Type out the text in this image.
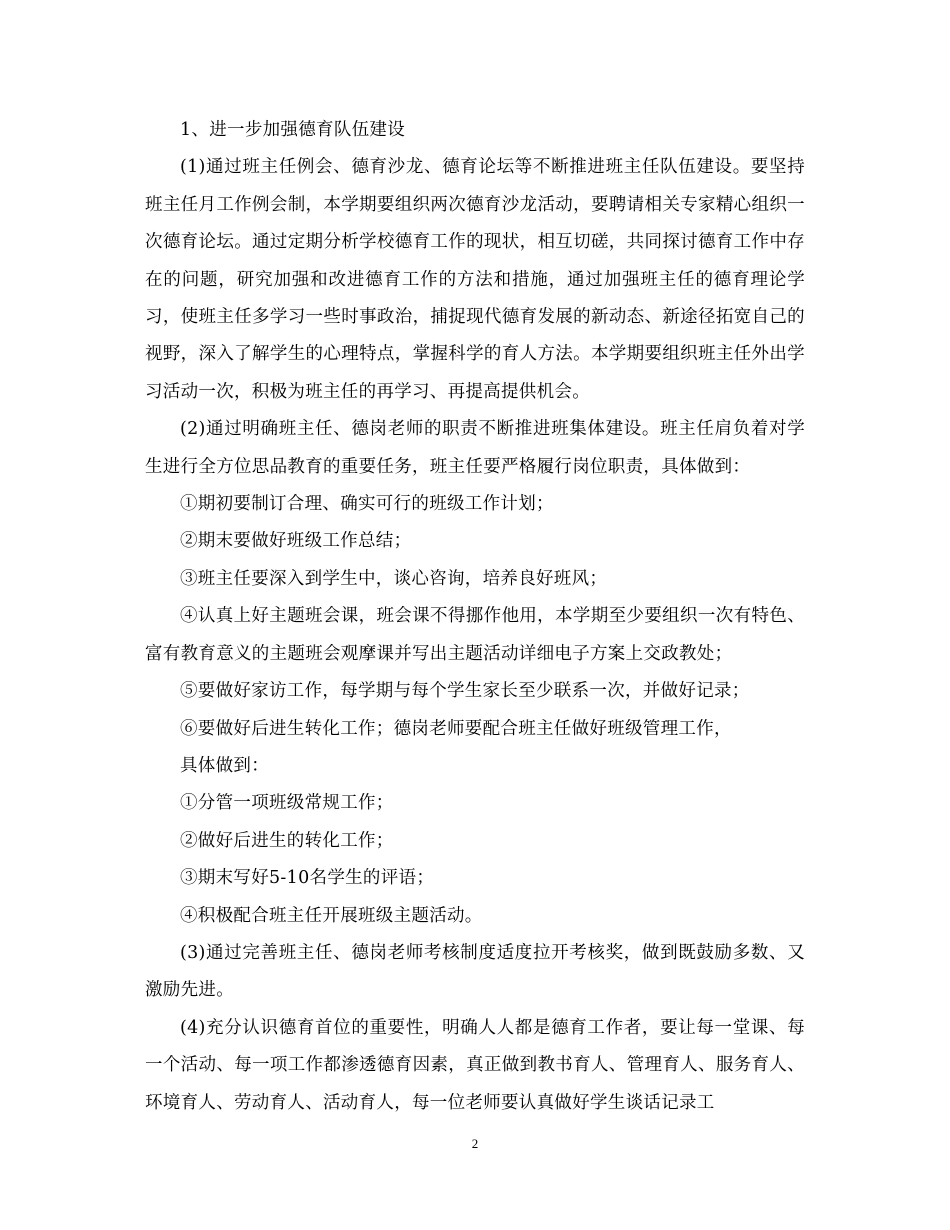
1、进一步加强德育队伍建设

(1)通过班主任例会、德育沙龙、德育论坛等不断推进班主任队伍建设。要坚持班主任月工作例会制，本学期要组织两次德育沙龙活动，要聘请相关专家精心组织一次德育论坛。通过定期分析学校德育工作的现状，相互切磋，共同探讨德育工作中存在的问题，研究加强和改进德育工作的方法和措施，通过加强班主任的德育理论学习，使班主任多学习一些时事政治，捕捉现代德育发展的新动态、新途径拓宽自己的视野，深入了解学生的心理特点，掌握科学的育人方法。本学期要组织班主任外出学习活动一次，积极为班主任的再学习、再提高提供机会。

(2)通过明确班主任、德岗老师的职责不断推进班集体建设。班主任肩负着对学生进行全方位思品教育的重要任务，班主任要严格履行岗位职责，具体做到：

①期初要制订合理、确实可行的班级工作计划；

②期末要做好班级工作总结；

③班主任要深入到学生中，谈心咨询，培养良好班风；

④认真上好主题班会课，班会课不得挪作他用，本学期至少要组织一次有特色、富有教育意义的主题班会观摩课并写出主题活动详细电子方案上交政教处；

⑤要做好家访工作，每学期与每个学生家长至少联系一次，并做好记录；

⑥要做好后进生转化工作；德岗老师要配合班主任做好班级管理工作，

具体做到：

①分管一项班级常规工作；

②做好后进生的转化工作；

③期末写好5-10名学生的评语；

④积极配合班主任开展班级主题活动。

(3)通过完善班主任、德岗老师考核制度适度拉开考核奖，做到既鼓励多数、又激励先进。

(4)充分认识德育首位的重要性，明确人人都是德育工作者，要让每一堂课、每一个活动、每一项工作都渗透德育因素，真正做到教书育人、管理育人、服务育人、环境育人、劳动育人、活动育人，每一位老师要认真做好学生谈话记录工

2
